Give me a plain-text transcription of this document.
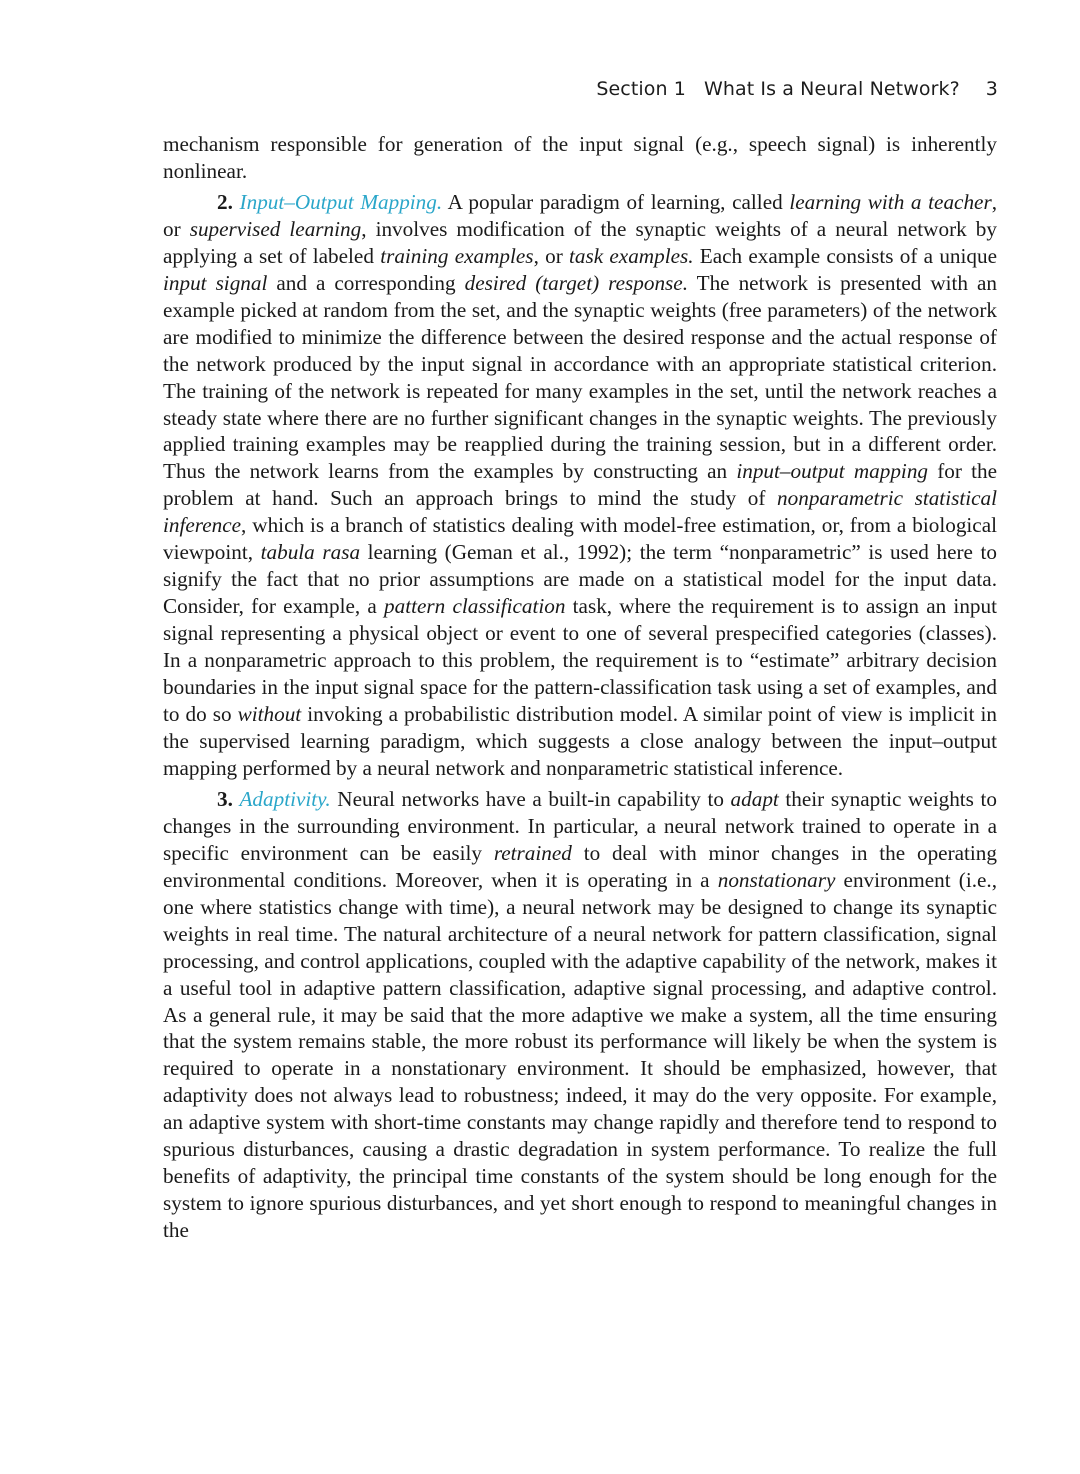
Section 1 What Is a Neural Network? 3

mechanism responsible for generation of the input signal (e.g., speech signal) is inherently nonlinear.

2. Input–Output Mapping. A popular paradigm of learning, called learning with a teacher, or supervised learning, involves modification of the synaptic weights of a neural network by applying a set of labeled training examples, or task examples. Each example consists of a unique input signal and a corresponding desired (target) response. The network is presented with an example picked at random from the set, and the synaptic weights (free parameters) of the network are modified to minimize the difference between the desired response and the actual response of the network produced by the input signal in accordance with an appropriate statistical criterion. The training of the network is repeated for many examples in the set, until the network reaches a steady state where there are no further significant changes in the synaptic weights. The previously applied training examples may be reapplied during the training session, but in a different order. Thus the network learns from the examples by constructing an input–output mapping for the problem at hand. Such an approach brings to mind the study of nonparametric statistical inference, which is a branch of statistics dealing with model-free estimation, or, from a biological viewpoint, tabula rasa learning (Geman et al., 1992); the term “nonparametric” is used here to signify the fact that no prior assumptions are made on a statistical model for the input data. Consider, for example, a pattern classification task, where the requirement is to assign an input signal representing a physical object or event to one of several prespecified categories (classes). In a nonparametric approach to this problem, the requirement is to “estimate” arbitrary decision boundaries in the input signal space for the pattern-classification task using a set of examples, and to do so without invoking a probabilistic distribution model. A similar point of view is implicit in the supervised learning paradigm, which suggests a close analogy between the input–output mapping performed by a neural network and nonparametric statistical inference.

3. Adaptivity. Neural networks have a built-in capability to adapt their synaptic weights to changes in the surrounding environment. In particular, a neural network trained to operate in a specific environment can be easily retrained to deal with minor changes in the operating environmental conditions. Moreover, when it is operating in a nonstationary environment (i.e., one where statistics change with time), a neural network may be designed to change its synaptic weights in real time. The natural architecture of a neural network for pattern classification, signal processing, and control applications, coupled with the adaptive capability of the network, makes it a useful tool in adaptive pattern classification, adaptive signal processing, and adaptive control. As a general rule, it may be said that the more adaptive we make a system, all the time ensuring that the system remains stable, the more robust its performance will likely be when the system is required to operate in a nonstationary environment. It should be emphasized, however, that adaptivity does not always lead to robustness; indeed, it may do the very opposite. For example, an adaptive system with short-time constants may change rapidly and therefore tend to respond to spurious disturbances, causing a drastic degradation in system performance. To realize the full benefits of adaptivity, the principal time constants of the system should be long enough for the system to ignore spurious disturbances, and yet short enough to respond to meaningful changes in the
